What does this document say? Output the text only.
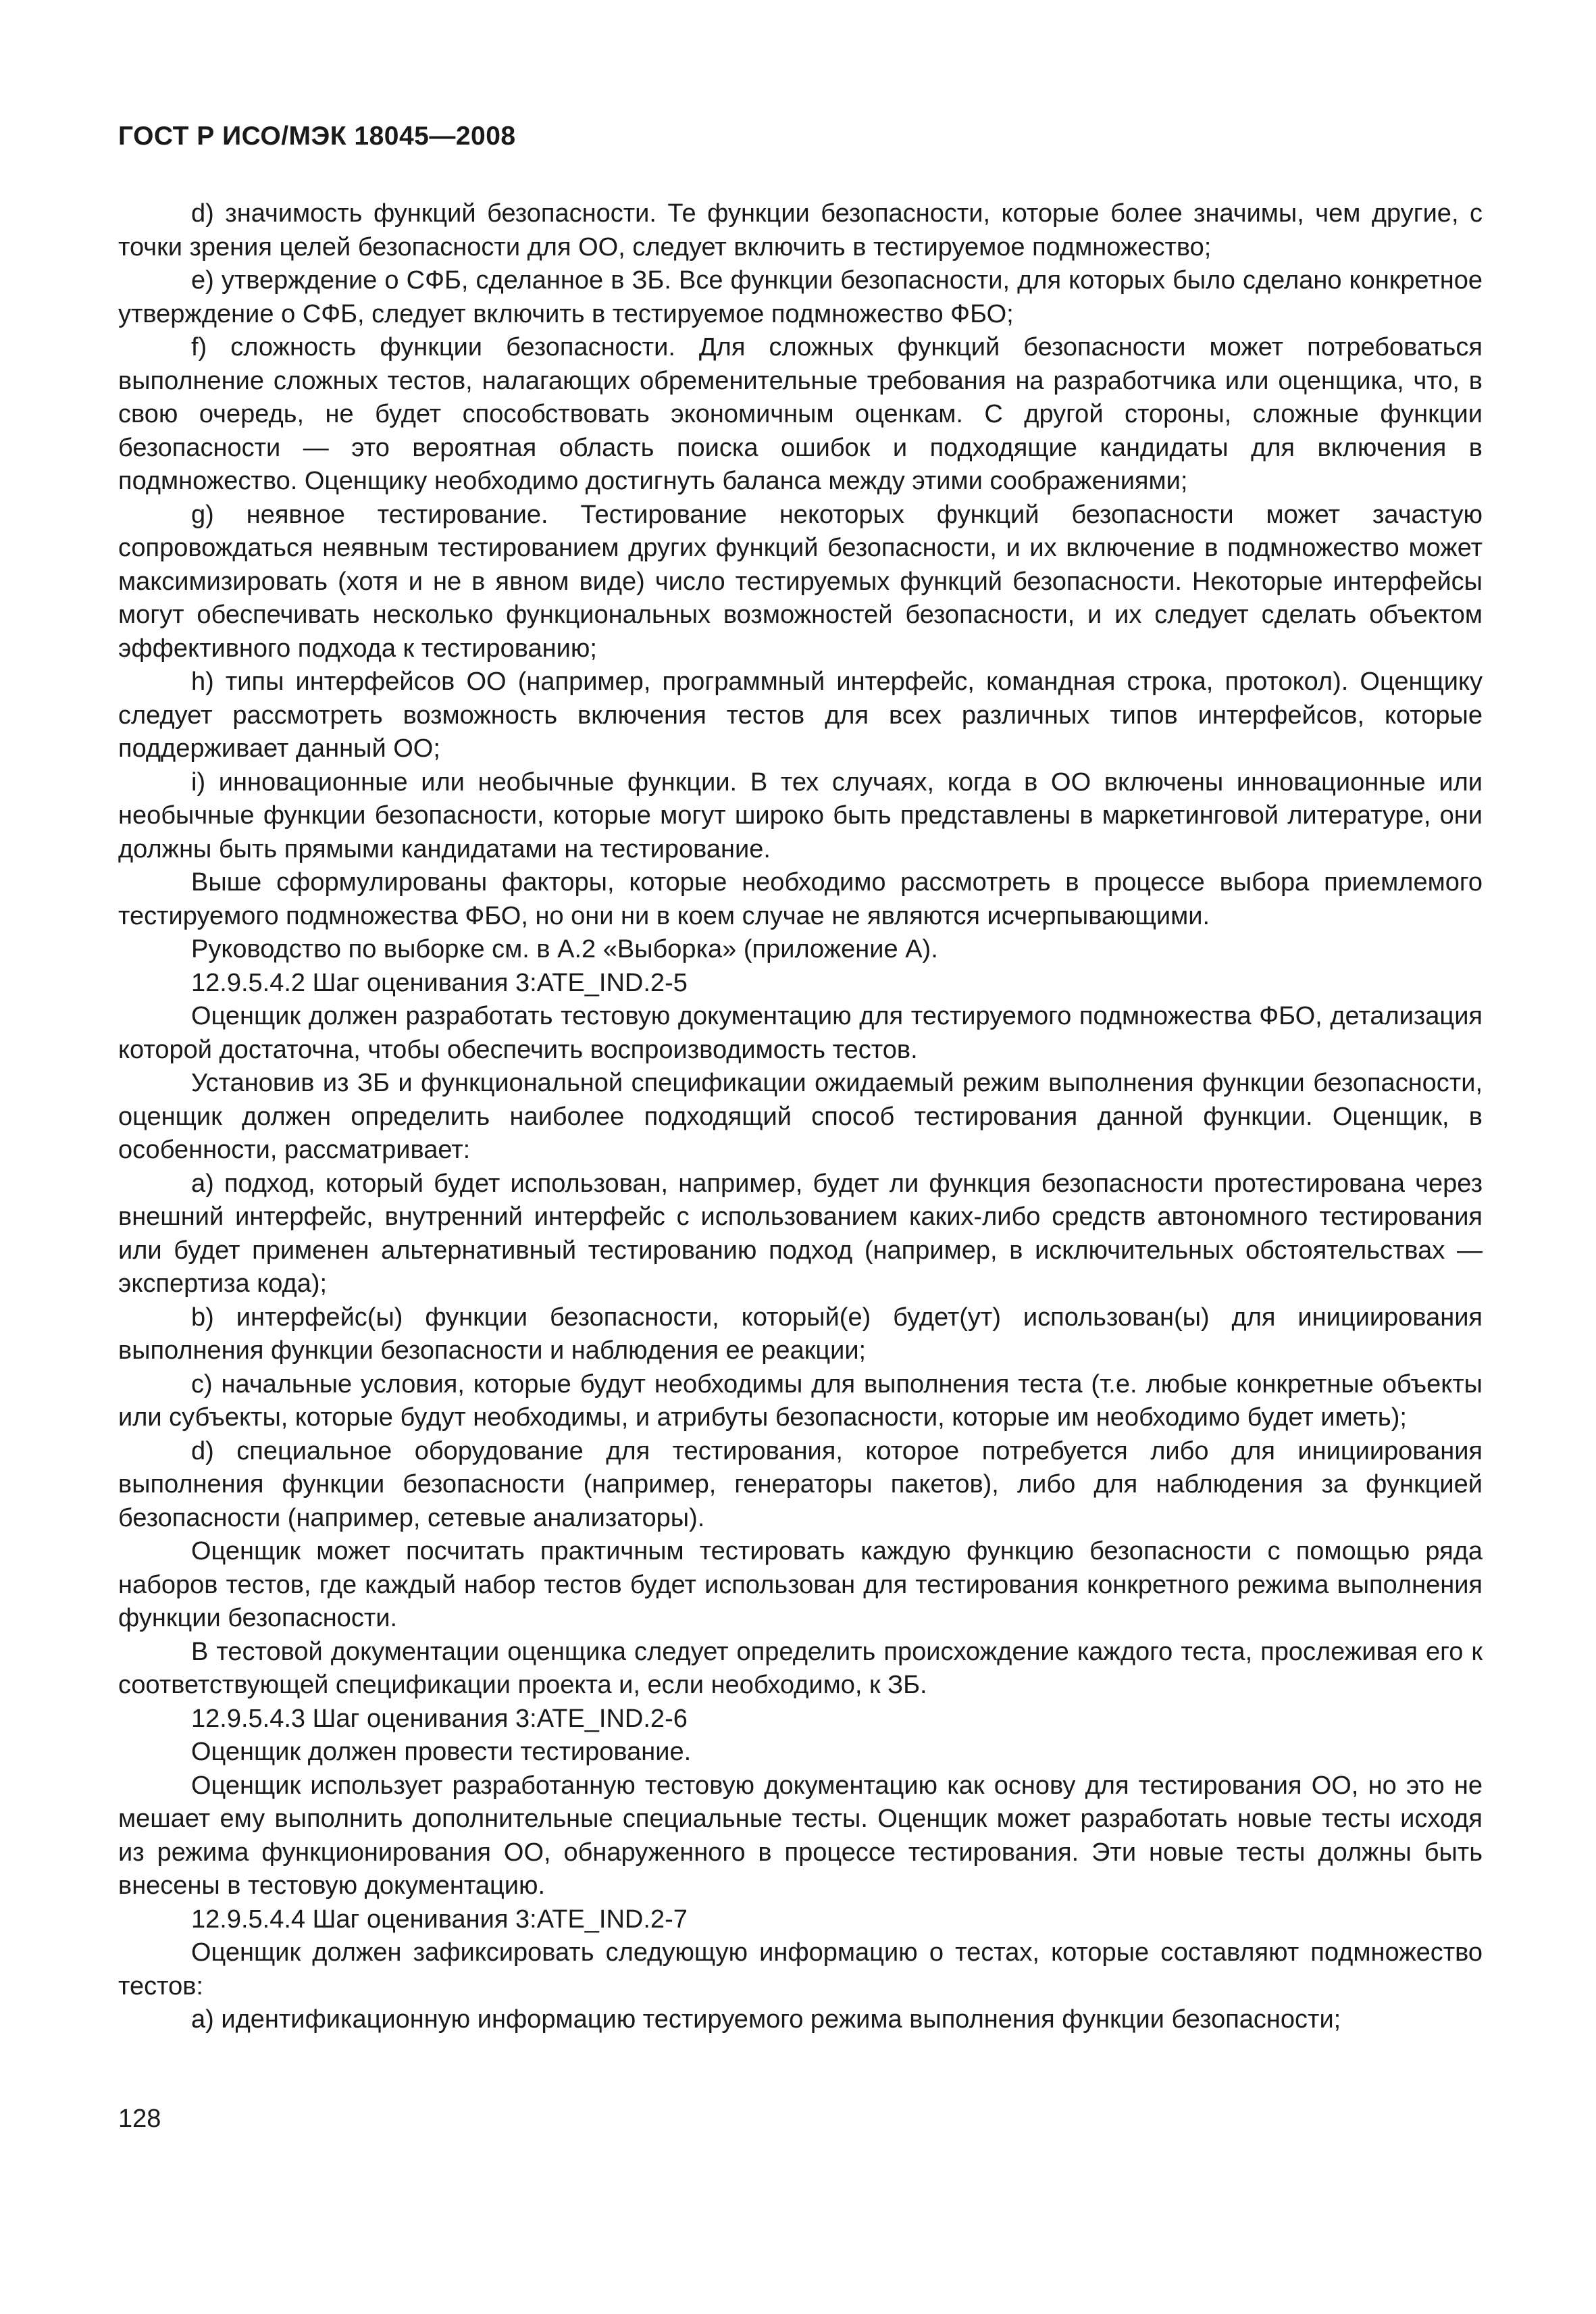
ГОСТ Р ИСО/МЭК 18045—2008

d) значимость функций безопасности. Те функции безопасности, которые более значимы, чем другие, с точки зрения целей безопасности для ОО, следует включить в тестируемое подмножество;

e) утверждение о СФБ, сделанное в ЗБ. Все функции безопасности, для которых было сделано конкретное утверждение о СФБ, следует включить в тестируемое подмножество ФБО;

f) сложность функции безопасности. Для сложных функций безопасности может потребоваться выполнение сложных тестов, налагающих обременительные требования на разработчика или оценщика, что, в свою очередь, не будет способствовать экономичным оценкам. С другой стороны, сложные функции безопасности — это вероятная область поиска ошибок и подходящие кандидаты для включения в подмножество. Оценщику необходимо достигнуть баланса между этими соображениями;

g) неявное тестирование. Тестирование некоторых функций безопасности может зачастую сопровождаться неявным тестированием других функций безопасности, и их включение в подмножество может максимизировать (хотя и не в явном виде) число тестируемых функций безопасности. Некоторые интерфейсы могут обеспечивать несколько функциональных возможностей безопасности, и их следует сделать объектом эффективного подхода к тестированию;

h) типы интерфейсов ОО (например, программный интерфейс, командная строка, протокол). Оценщику следует рассмотреть возможность включения тестов для всех различных типов интерфейсов, которые поддерживает данный ОО;

i) инновационные или необычные функции. В тех случаях, когда в ОО включены инновационные или необычные функции безопасности, которые могут широко быть представлены в маркетинговой литературе, они должны быть прямыми кандидатами на тестирование.

Выше сформулированы факторы, которые необходимо рассмотреть в процессе выбора приемлемого тестируемого подмножества ФБО, но они ни в коем случае не являются исчерпывающими.

Руководство по выборке см. в А.2 «Выборка» (приложение А).

12.9.5.4.2 Шаг оценивания 3:ATE_IND.2-5

Оценщик должен разработать тестовую документацию для тестируемого подмножества ФБО, детализация которой достаточна, чтобы обеспечить воспроизводимость тестов.

Установив из ЗБ и функциональной спецификации ожидаемый режим выполнения функции безопасности, оценщик должен определить наиболее подходящий способ тестирования данной функции. Оценщик, в особенности, рассматривает:

a) подход, который будет использован, например, будет ли функция безопасности протестирована через внешний интерфейс, внутренний интерфейс с использованием каких-либо средств автономного тестирования или будет применен альтернативный тестированию подход (например, в исключительных обстоятельствах — экспертиза кода);

b) интерфейс(ы) функции безопасности, который(е) будет(ут) использован(ы) для инициирования выполнения функции безопасности и наблюдения ее реакции;

c) начальные условия, которые будут необходимы для выполнения теста (т.е. любые конкретные объекты или субъекты, которые будут необходимы, и атрибуты безопасности, которые им необходимо будет иметь);

d) специальное оборудование для тестирования, которое потребуется либо для инициирования выполнения функции безопасности (например, генераторы пакетов), либо для наблюдения за функцией безопасности (например, сетевые анализаторы).

Оценщик может посчитать практичным тестировать каждую функцию безопасности с помощью ряда наборов тестов, где каждый набор тестов будет использован для тестирования конкретного режима выполнения функции безопасности.

В тестовой документации оценщика следует определить происхождение каждого теста, прослеживая его к соответствующей спецификации проекта и, если необходимо, к ЗБ.

12.9.5.4.3 Шаг оценивания 3:ATE_IND.2-6

Оценщик должен провести тестирование.

Оценщик использует разработанную тестовую документацию как основу для тестирования ОО, но это не мешает ему выполнить дополнительные специальные тесты. Оценщик может разработать новые тесты исходя из режима функционирования ОО, обнаруженного в процессе тестирования. Эти новые тесты должны быть внесены в тестовую документацию.

12.9.5.4.4 Шаг оценивания 3:ATE_IND.2-7

Оценщик должен зафиксировать следующую информацию о тестах, которые составляют подмножество тестов:

a) идентификационную информацию тестируемого режима выполнения функции безопасности;

128
